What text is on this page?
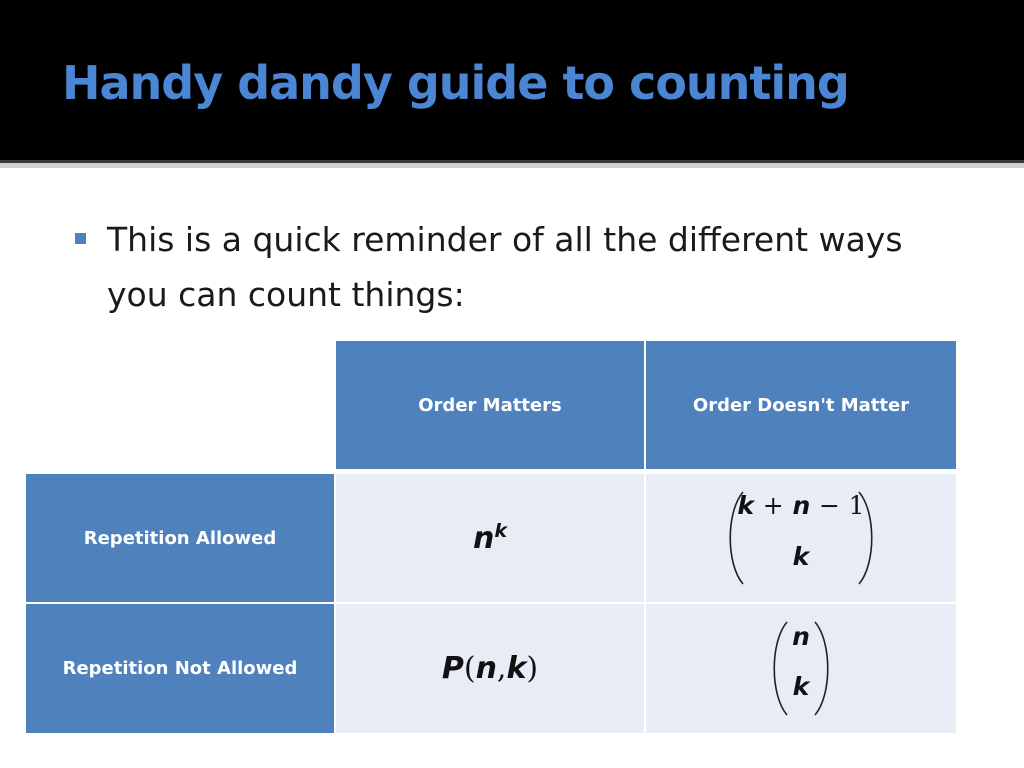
Handy dandy guide to counting
This is a quick reminder of all the different ways you can count things:
Order Matters	Order Doesn't Matter
Repetition Allowed
Repetition Not Allowed
$n^k$
k + n − 1
k
P(n,k)
n
k
